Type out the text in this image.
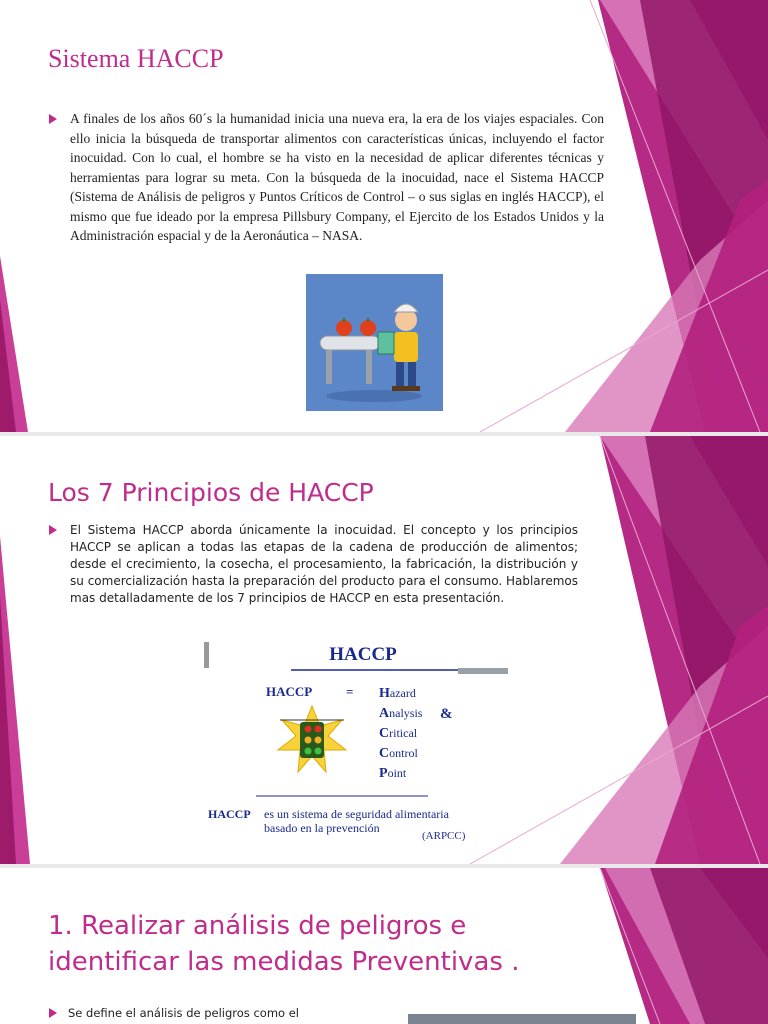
Sistema HACCP

A finales de los años 60´s la humanidad inicia una nueva era, la era de los viajes espaciales. Con ello inicia la búsqueda de transportar alimentos con características únicas, incluyendo el factor inocuidad. Con lo cual, el hombre se ha visto en la necesidad de aplicar diferentes técnicas y herramientas para lograr su meta. Con la búsqueda de la inocuidad, nace el Sistema HACCP (Sistema de Análisis de peligros y Puntos Críticos de Control – o sus siglas en inglés HACCP), el mismo que fue ideado por la empresa Pillsbury Company, el Ejercito de los Estados Unidos y la Administración espacial y de la Aeronáutica – NASA.

Los 7 Principios de HACCP

El Sistema HACCP aborda únicamente la inocuidad. El concepto y los principios HACCP se aplican a todas las etapas de la cadena de producción de alimentos; desde el crecimiento, la cosecha, el procesamiento, la fabricación, la distribución y su comercialización hasta la preparación del producto para el consumo. Hablaremos mas detalladamente de los 7 principios de HACCP en esta presentación.

HACCP
HACCP	= Hazard
Analysis &
Critical
Control
Point
HACCP es un sistema de seguridad alimentaria
basado en la prevención
(ARPCC)
1. Realizar análisis de peligros e identificar las medidas Preventivas .

Se define el análisis de peligros como el
